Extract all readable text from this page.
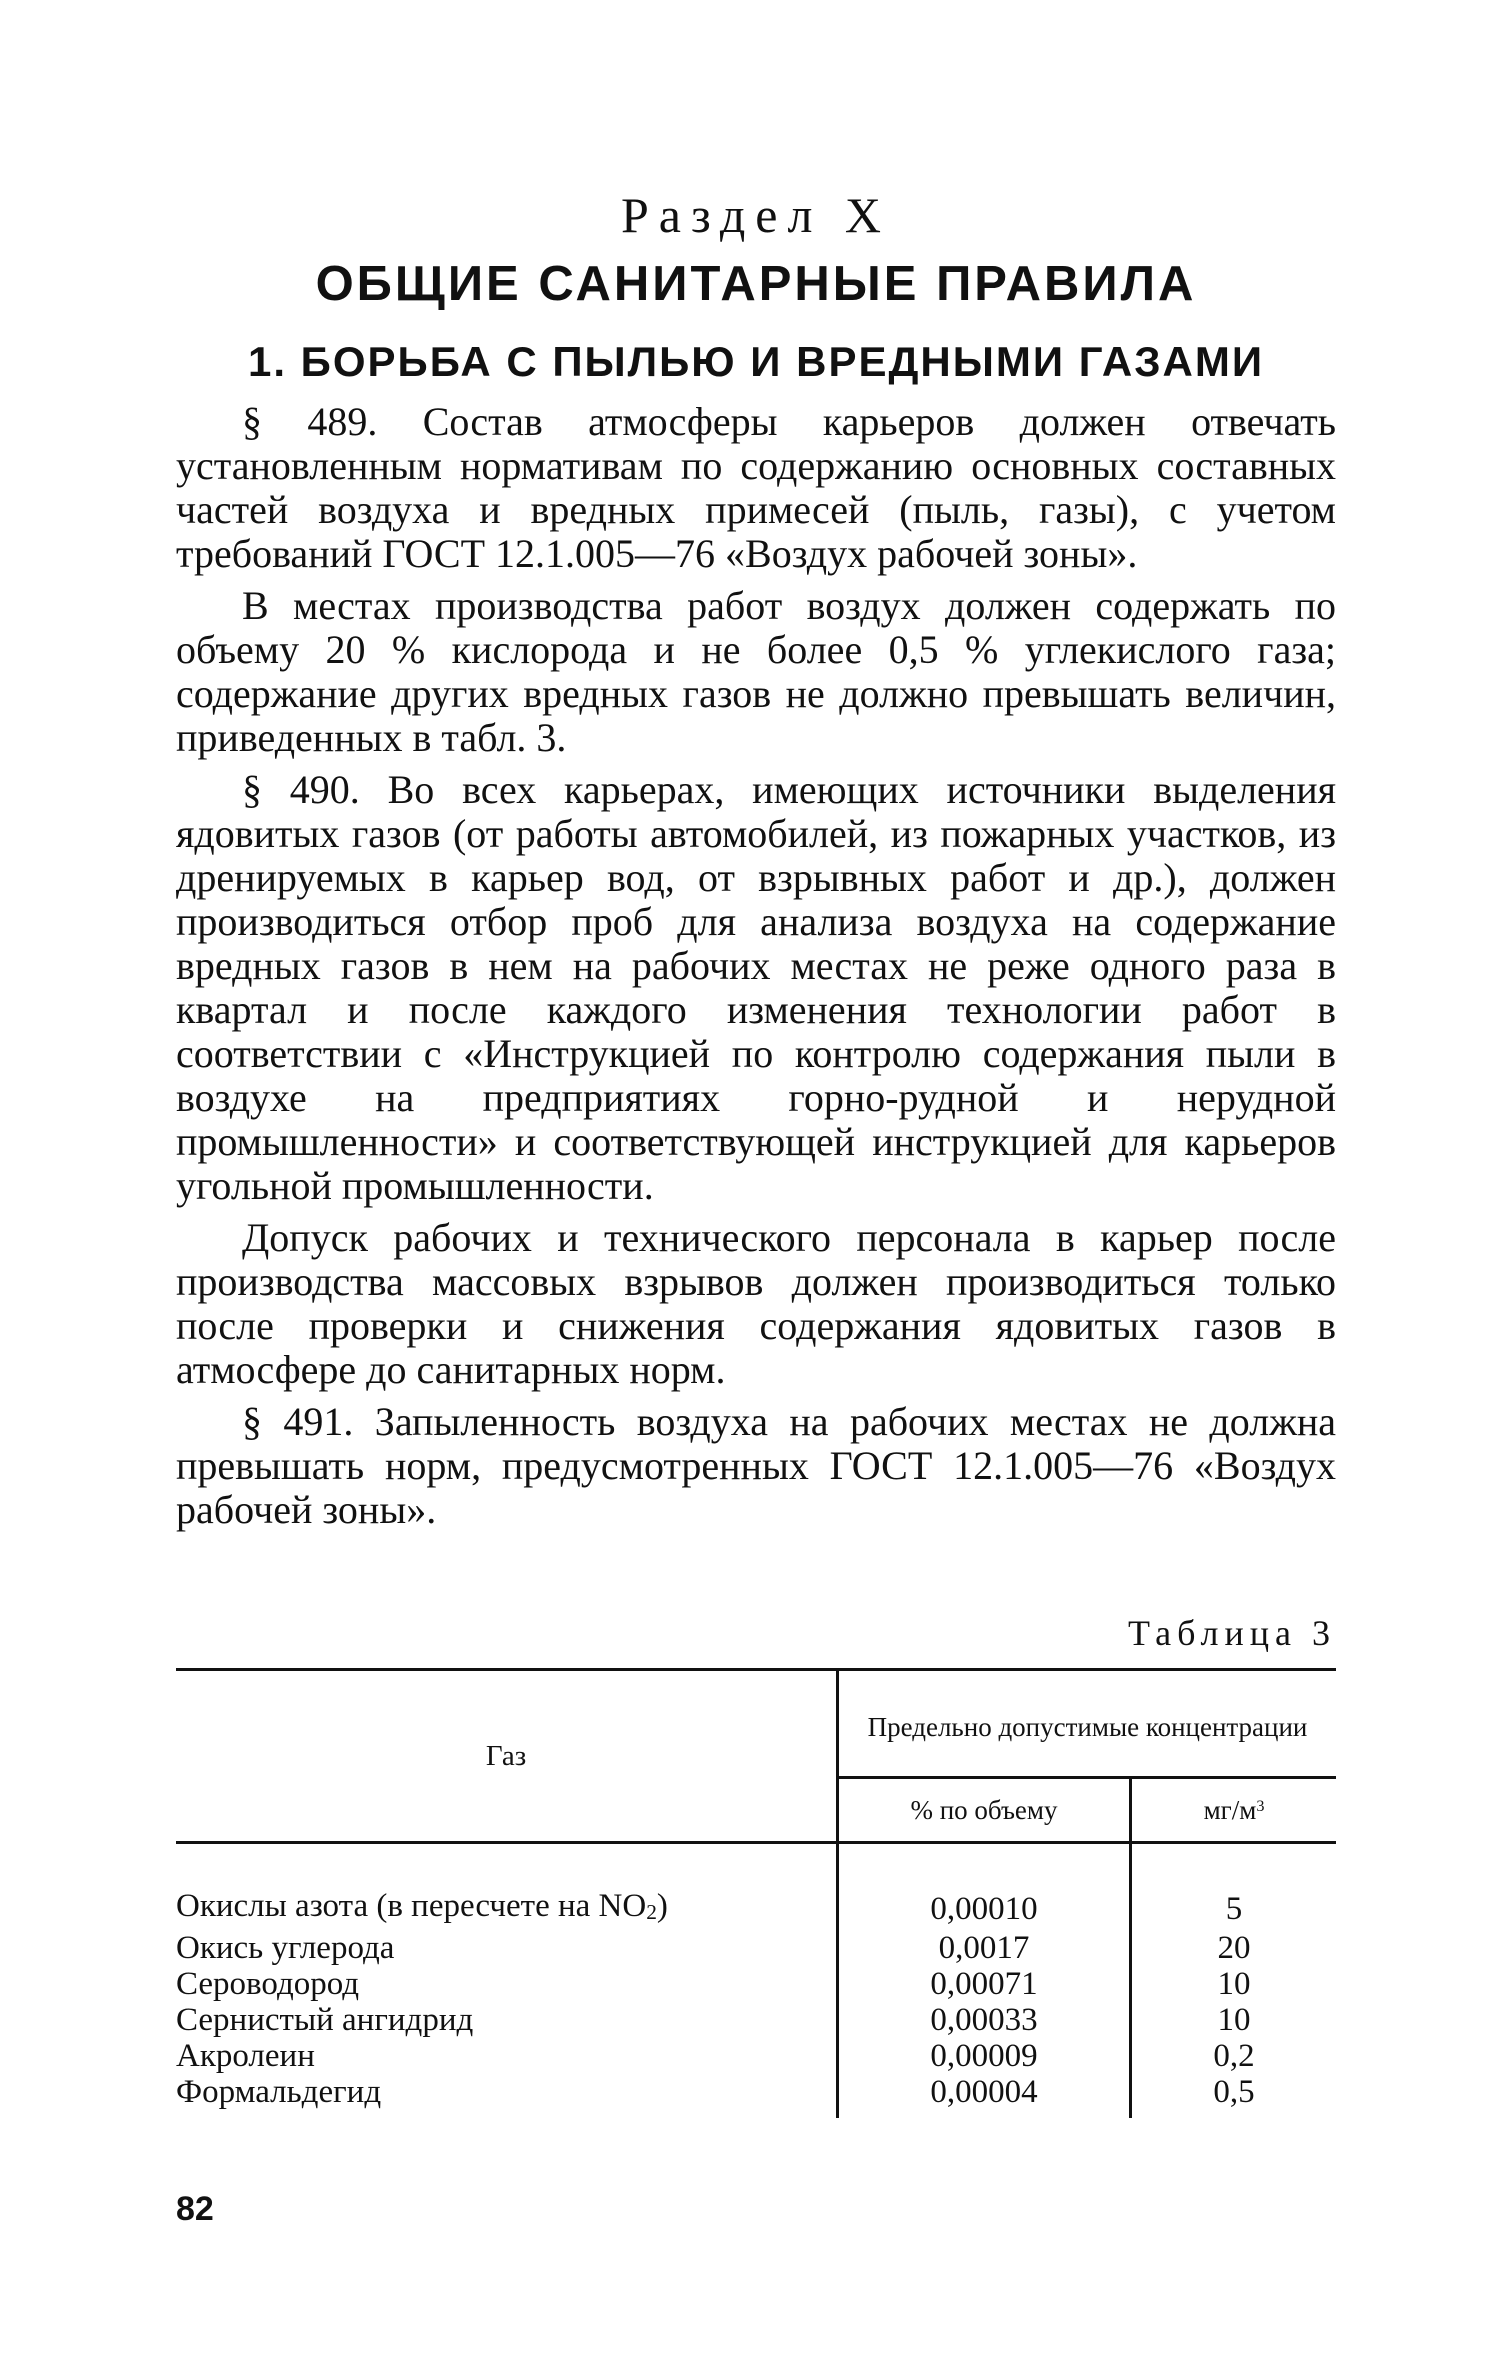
Раздел X
ОБЩИЕ САНИТАРНЫЕ ПРАВИЛА
1. БОРЬБА С ПЫЛЬЮ И ВРЕДНЫМИ ГАЗАМИ

§ 489. Состав атмосферы карьеров должен отвечать установленным нормативам по содержанию основных составных частей воздуха и вредных примесей (пыль, газы), с учетом требований ГОСТ 12.1.005—76 «Воздух рабочей зоны».

В местах производства работ воздух должен содержать по объему 20 % кислорода и не более 0,5 % углекислого газа; содержание других вредных газов не должно превышать величин, приведенных в табл. 3.

§ 490. Во всех карьерах, имеющих источники выделения ядовитых газов (от работы автомобилей, из пожарных участков, из дренируемых в карьер вод, от взрывных работ и др.), должен производиться отбор проб для анализа воздуха на содержание вредных газов в нем на рабочих местах не реже одного раза в квартал и после каждого изменения технологии работ в соответствии с «Инструкцией по контролю содержания пыли в воздухе на предприятиях горно-рудной и нерудной промышленности» и соответствующей инструкцией для карьеров угольной промышленности.

Допуск рабочих и технического персонала в карьер после производства массовых взрывов должен производиться только после проверки и снижения содержания ядовитых газов в атмосфере до санитарных норм.

§ 491. Запыленность воздуха на рабочих местах не должна превышать норм, предусмотренных ГОСТ 12.1.005—76 «Воздух рабочей зоны».

Таблица 3
Газ	Предельно допустимые концентрации	
	% по объему	$мг/м^3$
Окислы азота (в пересчете на $NO_2$)	0,00010	5
Окись углерода	0,0017	20
Сероводород	0,00071	10
Сернистый ангидрид	0,00033	10
Акролеин	0,00009	0,2
Формальдегид	0,00004	0,5
82
